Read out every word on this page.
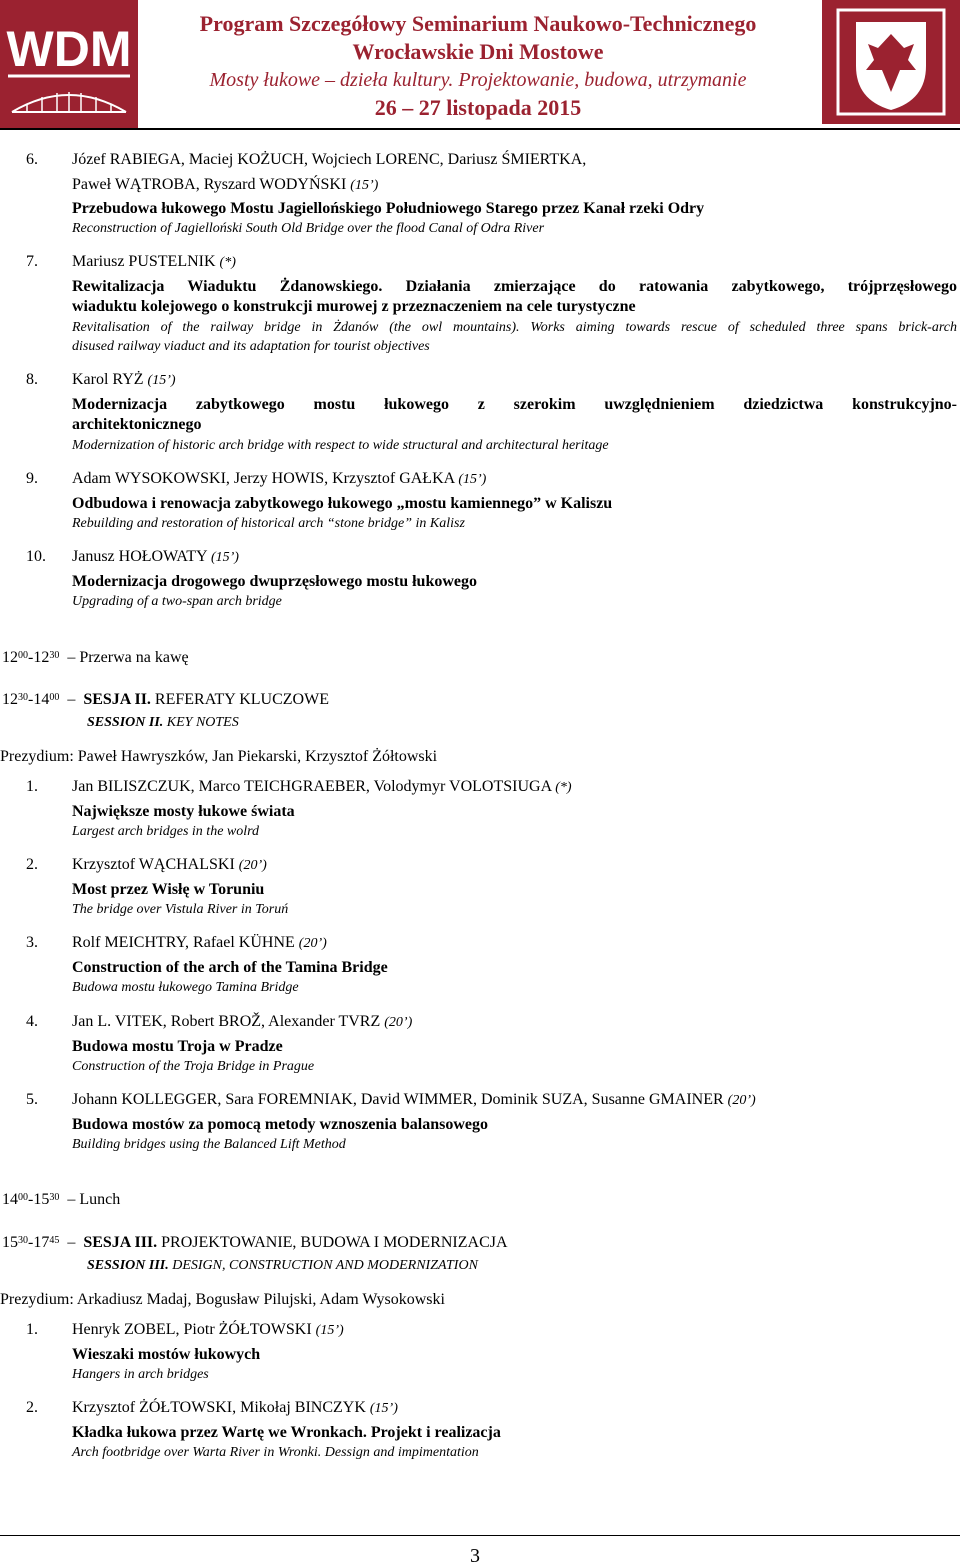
WDM	Program Szczegółowy Seminarium Naukowo-Technicznego
Wrocławskie Dni Mostowe
Mosty łukowe – dzieła kultury. Projektowanie, budowa, utrzymanie
26 – 27 listopada 2015
6. Józef RABIEGA, Maciej KOŻUCH, Wojciech LORENC, Dariusz ŚMIERTKA,
Paweł WĄTROBA, Ryszard WODYŃSKI (15’)
Przebudowa łukowego Mostu Jagiellońskiego Południowego Starego przez Kanał rzeki Odry
Reconstruction of Jagielloński South Old Bridge over the flood Canal of Odra River
7. Mariusz PUSTELNIK (*)
Rewitalizacja Wiaduktu Żdanowskiego. Działania zmierzające do ratowania zabytkowego, trójprzęsłowego
wiaduktu kolejowego o konstrukcji murowej z przeznaczeniem na cele turystyczne
Revitalisation of the railway bridge in Żdanów (the owl mountains). Works aiming towards rescue of scheduled three spans brick-arch
disused railway viaduct and its adaptation for tourist objectives
8. Karol RYŻ (15’)
Modernizacja zabytkowego mostu łukowego z szerokim uwzględnieniem dziedzictwa konstrukcyjno-
architektonicznego
Modernization of historic arch bridge with respect to wide structural and architectural heritage
9. Adam WYSOKOWSKI, Jerzy HOWIS, Krzysztof GAŁKA (15’)
Odbudowa i renowacja zabytkowego łukowego „mostu kamiennego” w Kaliszu
Rebuilding and restoration of historical arch “stone bridge” in Kalisz
10. Janusz HOŁOWATY (15’)
Modernizacja drogowego dwuprzęsłowego mostu łukowego
Upgrading of a two-span arch bridge
$12^{00}-12^{30}$ – Przerwa na kawę
$12^{30}-14^{00}$ – SESJA II. REFERATY KLUCZOWE
SESSION II. KEY NOTES
Prezydium: Paweł Hawryszków, Jan Piekarski, Krzysztof Żółtowski
1. Jan BILISZCZUK, Marco TEICHGRAEBER, Volodymyr VOLOTSIUGA (*)
Największe mosty łukowe świata
Largest arch bridges in the wolrd
2. Krzysztof WĄCHALSKI (20’)
Most przez Wisłę w Toruniu
The bridge over Vistula River in Toruń
3. Rolf MEICHTRY, Rafael KÜHNE (20’)
Construction of the arch of the Tamina Bridge
Budowa mostu łukowego Tamina Bridge
4. Jan L. VITEK, Robert BROŽ, Alexander TVRZ (20’)
Budowa mostu Troja w Pradze
Construction of the Troja Bridge in Prague
5. Johann KOLLEGGER, Sara FOREMNIAK, David WIMMER, Dominik SUZA, Susanne GMAINER (20’)
Budowa mostów za pomocą metody wznoszenia balansowego
Building bridges using the Balanced Lift Method
$14^{00}-15^{30}$ – Lunch
$15^{30}-17^{45}$ – SESJA III. PROJEKTOWANIE, BUDOWA I MODERNIZACJA
SESSION III. DESIGN, CONSTRUCTION AND MODERNIZATION
Prezydium: Arkadiusz Madaj, Bogusław Pilujski, Adam Wysokowski
1. Henryk ZOBEL, Piotr ŻÓŁTOWSKI (15’)
Wieszaki mostów łukowych
Hangers in arch bridges
2. Krzysztof ŻÓŁTOWSKI, Mikołaj BINCZYK (15’)
Kładka łukowa przez Wartę we Wronkach. Projekt i realizacja
Arch footbridge over Warta River in Wronki. Dessign and impimentation
3
